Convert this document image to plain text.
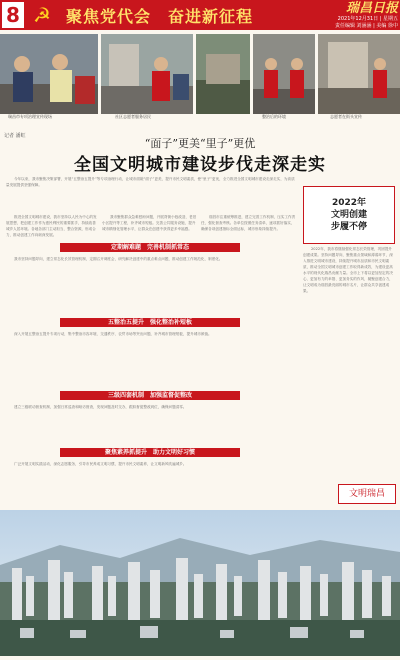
8 ☭ 聚焦党代会　奋进新征程	瑞昌日报
2021年12月31日 | 星期五
责任编辑 刘涵涵 | 美编 徐中
瑞昌市专项治理宣传现场	社区志愿者服务居民	整治后的环境	志愿者在街头宣传
记者 潘虹
“面子”更美“里子”更优
全国文明城市建设步伐走深走实
今年以来，我市聚焦决策部署，开展“五整治五提升”等专项治理行动，让城市面貌“面子”更美，提升市民文明素质，使“里子”更优，全力推进全国文明城市建设走深走实，为高质量发展提供坚强保障。
推进全国文明城市建设，我市坚持以人民为中心的发展思想，把创建工作作为惠民利民的重要抓手，持续改善城乡人居环境。各地各部门主动担当，整合资源，形成合力，推动创建工作向纵深发展。
我市聚焦群众急难愁盼问题，开展背街小巷改造、老旧小区提升等工程，补齐城市短板。完善公共服务设施，提升城市精细化管理水平，让群众在创建中获得更多幸福感。
瑞昌市注重统筹推进，建立完善工作机制，压实工作责任，强化督查考核。各单位按照任务清单，逐项抓好落实，确保各项创建指标全面达标，城市形象持续提升。
定期解难题　完善机制抓常态
我市坚持问题导向，建立常态化长效管理机制，定期召开调度会，研究解决创建中的重点难点问题，推动创建工作规范化、制度化。
五整治五提升　强化整治补短板
深入开展五整治五提升专项行动，集中整治市容环境、交通秩序、农贸市场等突出问题，补齐城市管理短板，提升城市颜值。
三级四套机制　加强监督促整改
建立三级联动督查机制，加强日常巡查和暗访督查，发现问题及时交办，跟踪督促整改到位，确保问题清零。
聚焦素养抓提升　助力文明好习惯
广泛开展文明实践活动，深化志愿服务，引导市民养成文明习惯，提升市民文明素养，让文明新风吹遍城乡。
2022年
文明创建
步履不停
2022年，我市将继续强化常态长效管理，巩固提升创建成果。坚持问题导向，聚焦重点领域和薄弱环节，深入推进文明城市建设，持续提升城市品质和市民文明素质，推动全国文明城市创建工作取得新成效，为建设更高水平的现代化瑞昌贡献力量。全市上下将以更加坚定的决心、更加有力的举措、更加务实的作风，凝聚创建合力，让文明成为瑞昌最亮丽的城市名片，让群众共享创建成果。
文明瑞昌
